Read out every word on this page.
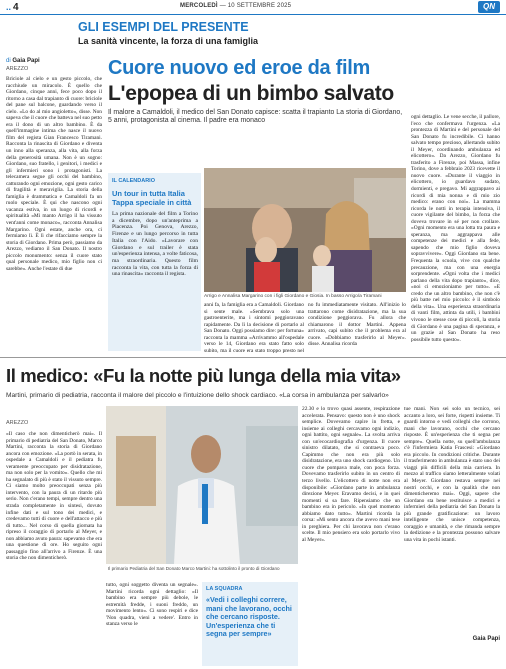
.. 4	MERCOLEDÌ — 10 SETTEMBRE 2025	QN
GLI ESEMPI DEL PRESENTE
La sanità vincente, la forza di una famiglia
di Gaia Papi
AREZZO
Briciole al cielo e un gesto piccolo, che racchiude un miracolo. È quello che Giordano, cinque anni, fece poco dopo il ritorno a casa dal trapianto di cuore: briciole del pane sul balcone, guardando verso il cielo. «Lo do al mio angioletto», disse. Non sapeva che il cuore che batteva nel suo petto era il dono di un altro bambino. È da quell'immagine intima che nasce il nuovo film del regista Gian Francesco Tiramani. Racconta la rinascita di Giordano e diventa un inno alla speranza, alla vita, alla forza della generosità umana. Non è un sogno: Giordano, suo fratello, i genitori, i medici e gli infermieri sono i protagonisti. La telecamera segue gli occhi del bambino, catturando ogni emozione, ogni gesto carico di fragilità e meraviglia. La storia della famiglia è drammatica e Camaldoli fa un ruolo speciale. È qui che nascono ogni vacanza estiva, in un luogo di ricordi e spiritualità «Mi manto Arrigo il ha vissuto vent'anni come monaco», racconta Annalisa Margarino. Ogni estate, anche ora, ci fermiamo lì. È lì che rifacciamo sempre la storia di Giordano. Prima però, passiamo da Arezzo, vediamo il San Donato. Il nostro piccolo monumento: senza il cuore stato qual personale medico, mio figlio non ci sarebbe». Anche l'estate di due
Cuore nuovo ed eroe da film
L'epopea di un bimbo salvato
Il malore a Camaldoli, il medico del San Donato capisce: scatta il trapianto La storia di Giordano, 5 anni, protagonista al cinema. Il padre era monaco
IL CALENDARIO
Un tour in tutta Italia Tappa speciale in città
La prima nazionale del film a Torino a dicembre, dopo un'anteprima a Piacenza. Poi Genova, Arezzo, Firenze e un lungo percorso in tutta Italia con l'Aido. «Lavorare con Giordano e sul trailer è stata un'esperienza intensa, a volte faticosa, ma straordinaria. Questo film racconta la vita, con tutta la forza di una rinascita» racconta il regista.
Arrigo e Annalisa Margarino con i figli Giordano e Giosia. In basso Arrigo/a Tiramani
anni fa, la famiglia era a Camaldoli. Giordano si sente male. «Sembrava solo una gastroenterite, ma i sintomi peggioravano rapidamente. Da lì la decisione di portarlo al San Donato. Oggi possiamo dire: per fortuna» racconta la mamma «Arrivammo all'ospedale verso le 14, Giordano era stato fatto solo subito, ma il cuore era stato troppo presto nel
no fu immediatamente visitato. All'inizio lo trattarono come disidratazione, ma la sua condizione peggiorava. Fu allora che chiamarono il dottor Martini. Appena arrivato, capì subito che il problema era al cuore. «Dobbiamo trasferirlo al Meyer». disse. Annalisa ricorda
ogni dettaglio. Le vene secche, il pallore, l'eco che confermava l'urgenza. «La prontezza di Martini e del personale del San Donato fu incredibile. Ci hanno salvato tempo prezioso, allertando subito il Meyer, coordinando ambulanza ed elicottero». Da Arezzo, Giordano fu trasferito a Firenze, poi Massa, infine Torino, dove a febbraio 2023 ricevette il nuovo cuore. «Durante il viaggio in elicottero, io guardavo sudato, dormienti, e pregavo. Mi aggrappavo ai ricordi di mia nonna e di mio zio medico: erano con noi». La mamma ricorda le notti in terapia intensiva, il cuore vigilante del bimbo, la forza che doveva trovare in sé per non crollare. «Ogni momento era una lotta tra paura e speranza, ma aggrappava alle competenze dei medici e alla fede, sapendo che mio figlio doveva sopravvivere». Oggi Giordano sta bene. Frequenta la scuola, vive con qualche precauzione, ma con una energia sorprendente. «Ogni volta che i medici parlano della vita dopo trapianto», dice, «noi ci emozioniamo per tutto». «E credo che un altro bambino, che non c'è più batte nel mio piccolo: è il simbolo della vita». Una esperienza straordinaria di vanti film, attinta da utili, i bambini vivono le stesse cose di piccoli, la storia di Giordano è una pagina di speranza, e un grazie al San Donato ha reso possibile tutto questo».
Il medico: «Fu la notte più lunga della mia vita»
Martini, primario di pediatria, racconta il malore del piccolo e l'intuizione dello shock cardiaco. «La corsa in ambulanza per salvarlo»
AREZZO
«Il caso che non dimenticherò mai». Il primario di pediatria del San Donato, Marco Martini, racconta la storia di Giordano ancora con emozione. «La portò in serata, in ospedale a Camaldoli e il pediatra fu veramente preoccupato per disidratazione, ma non solo per la vomito». Quello che mi ha segnalato di più è stato il vissuto sempre. Ci siamo molto preoccupati senza più intervento, con la paura di un ritardo più serio. Non c'erano tempi, sempre dentro una strada completamente in sintesi, dovuto infine dati e sul tono dei medici, e credevamo tutti di cuore e dell'attacco e più di tutto... Nel corso di quella giornata ha ripreso il coraggio di portarlo al Meyer, e non abbiamo avuto paura: sapevamo che era una questione di ore. Ho seguito ogni passaggio fino all'arrivo a Firenze. È una storia che non dimenticherò.
Il primario Pediatria del San Donato Marco Martini: ha sottolinto il pronto di Giordano
tutto, ogni soggetto diventa un segnale». Martini ricorda ogni dettaglio: «Il bambino era sempre più debole, le estremità fredde, i suoni freddo, un movimento lento». Ci sono respiri e dice 'Non quadra, vieni a vedere'. Entro in stanza verso le
LA SQUADRA
«Vedi i colleghi correre, mani che lavorano, occhi che cercano risposte. Un'esperienza che ti segna per sempre»
22.30 e lo trovo quasi assente, respirazione accelerata. Pensavo: questo non è uno shock semplice. Dovevamo capire in fretta, e insieme ai colleghi cercavamo ogni indizio, ogni battito, ogni segnale». La svolta arriva con un'ecocardiografia d'urgenza. Il cuore sinistro dilatato, che si contraeva poco. Capimmo che non era più solo disidratazione, era uno shock cardiogeno. Un cuore che pompava male, con poca forza. Dovevamo trasferirlo subito in un centro di terzo livello. L'elicottero di notte non era disponibile: «Giordano parte in ambulanza direzione Meyer. Eravamo decisi, e in quei momenti si sa fare. Ripensiamo che un bambino era in pericolo. «In quel momento abbiamo dato tutto». Martini ricorda la corsa: «Mi sento ancora che avevo mani tese in preghiera. Per chi lavorava non c'erano scelte. Il mio pensiero era solo portarlo vivo al Meyer».
tue mani. Non sei solo un tecnico, sei accanto a loro, sei forte, rispetti insieme. Ti guardi intorno e vedi colleghi che corrono, mani che lavorano, occhi che cercano risposte. È un'esperienza che ti segna per sempre». Quella notte, su quell'ambulanza c'è l'infermiera Katia Frascesi: «Giordano era piccolo. In condizioni critiche. Durante il trasferimento in ambulanza è stato uno dei viaggi più difficili della mia carriera. In mezzo al traffico siamo letteralmente volati al Meyer. Giordano restava sempre nei nostri occhi, e con la qualità che non dimenticheremo mai». Oggi, sapere che Giordano sta bene restituisce a medici e infermieri della pediatria del San Donato la più grande gratificazione: un lavoro intelligente che unisce competenza, coraggio e umanità, e che rimanda sempre la dedizione e la prontezza possono salvare una vita in pochi istanti.
Gaia Papi
